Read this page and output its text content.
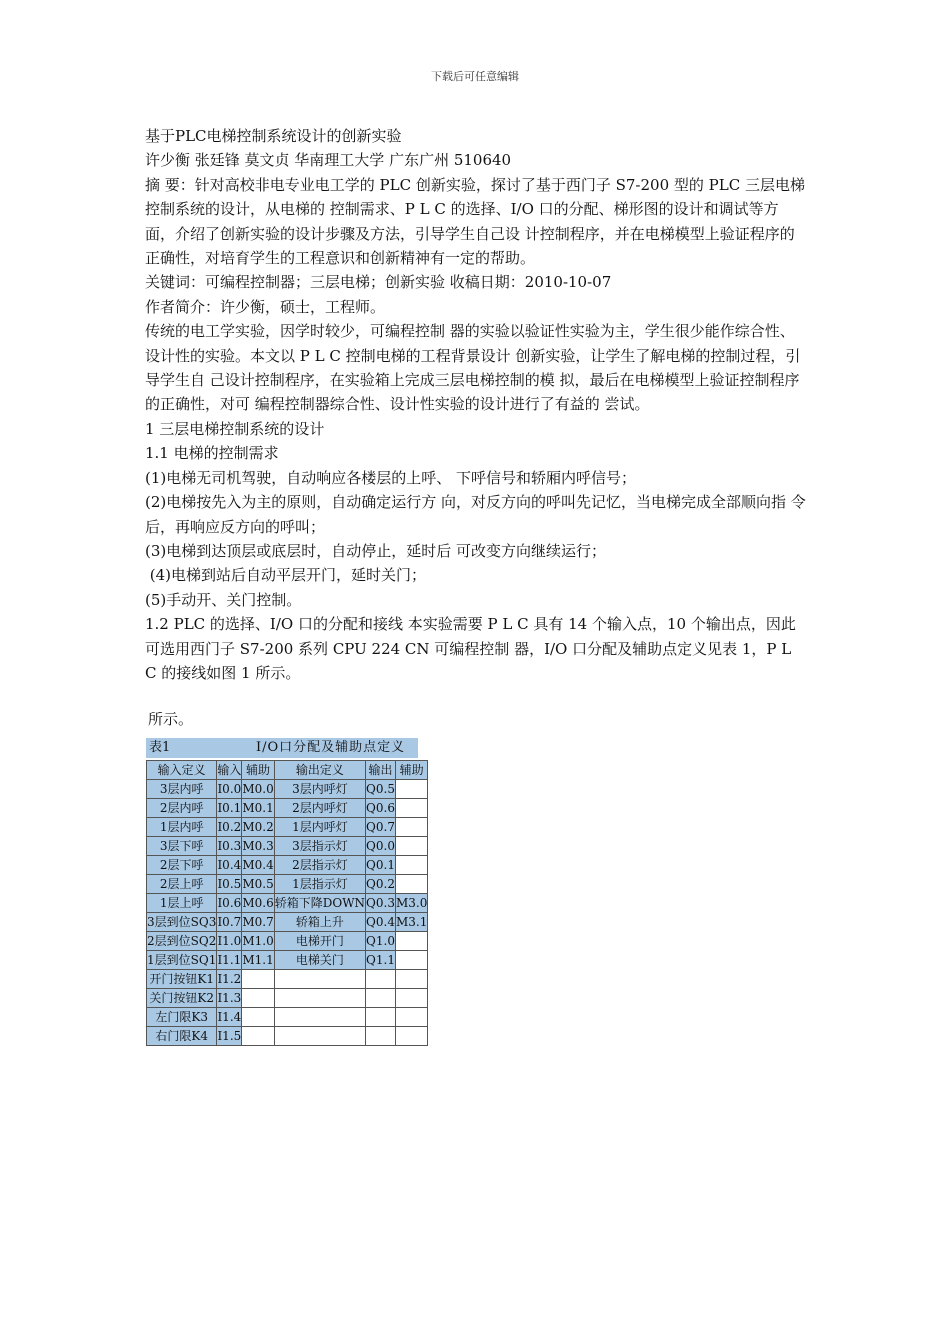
下载后可任意编辑

基于PLC电梯控制系统设计的创新实验

许少衡 张廷锋 莫文贞 华南理工大学 广东广州 510640

摘 要：针对高校非电专业电工学的 PLC 创新实验，探讨了基于西门子 S7-200 型的 PLC 三层电梯控制系统的设计，从电梯的 控制需求、P L C 的选择、I/O 口的分配、梯形图的设计和调试等方面，介绍了创新实验的设计步骤及方法，引导学生自己设 计控制程序，并在电梯模型上验证程序的正确性，对培育学生的工程意识和创新精神有一定的帮助。

关键词：可编程控制器；三层电梯；创新实验 收稿日期：2010-10-07

作者简介：许少衡，硕士，工程师。

传统的电工学实验，因学时较少，可编程控制 器的实验以验证性实验为主，学生很少能作综合性、 设计性的实验。本文以 P L C 控制电梯的工程背景设计 创新实验，让学生了解电梯的控制过程，引导学生自 己设计控制程序，在实验箱上完成三层电梯控制的模 拟，最后在电梯模型上验证控制程序的正确性，对可 编程控制器综合性、设计性实验的设计进行了有益的 尝试。

1 三层电梯控制系统的设计

1.1 电梯的控制需求

(1)电梯无司机驾驶，自动响应各楼层的上呼、 下呼信号和轿厢内呼信号；

(2)电梯按先入为主的原则，自动确定运行方 向，对反方向的呼叫先记忆，当电梯完成全部顺向指 令后，再响应反方向的呼叫；

(3)电梯到达顶层或底层时，自动停止，延时后 可改变方向继续运行；

(4)电梯到站后自动平层开门，延时关门；

(5)手动开、关门控制。

1.2 PLC 的选择、I/O 口的分配和接线 本实验需要 P L C 具有 14 个输入点，10 个输出点，因此可选用西门子 S7-200 系列 CPU 224 CN 可编程控制 器，I/O 口分配及辅助点定义见表 1，P L C 的接线如图 1 所示。

所示。
表1	I/O口分配及辅助点定义
输入定义	输入	辅助	输出定义	输出	辅助
3层内呼	I0.0	M0.0	3层内呼灯	Q0.5	
2层内呼	I0.1	M0.1	2层内呼灯	Q0.6	
1层内呼	I0.2	M0.2	1层内呼灯	Q0.7	
3层下呼	I0.3	M0.3	3层指示灯	Q0.0	
2层下呼	I0.4	M0.4	2层指示灯	Q0.1	
2层上呼	I0.5	M0.5	1层指示灯	Q0.2	
1层上呼	I0.6	M0.6	轿箱下降DOWN	Q0.3	M3.0
3层到位SQ3	I0.7	M0.7	轿箱上升	Q0.4	M3.1
2层到位SQ2	I1.0	M1.0	电梯开门	Q1.0	
1层到位SQ1	I1.1	M1.1	电梯关门	Q1.1	
开门按钮K1	I1.2				
关门按钮K2	I1.3				
左门限K3	I1.4				
右门限K4	I1.5				
